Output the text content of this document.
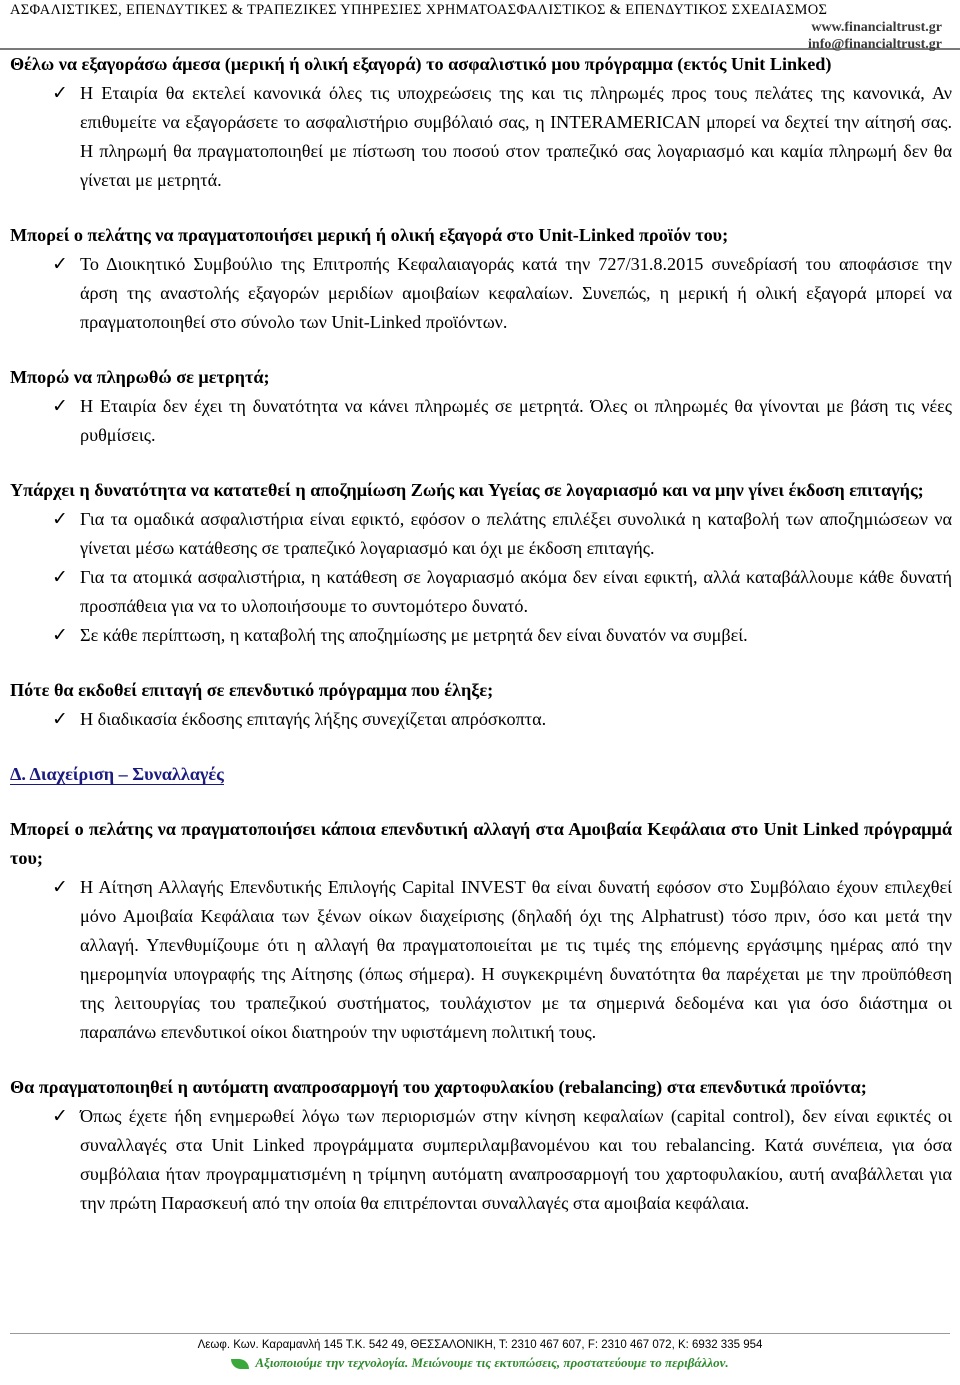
ΑΣΦΑΛΙΣΤΙΚΕΣ, ΕΠΕΝΔΥΤΙΚΕΣ & ΤΡΑΠΕΖΙΚΕΣ ΥΠΗΡΕΣΙΕΣ ΧΡΗΜΑΤΟΑΣΦΑΛΙΣΤΙΚΟΣ & ΕΠΕΝΔΥΤΙΚΟΣ ΣΧΕΔΙΑΣΜΟΣ
www.financialtrust.gr
info@financialtrust.gr

Θέλω να εξαγοράσω άμεσα (μερική ή ολική εξαγορά) το ασφαλιστικό μου πρόγραμμα (εκτός Unit Linked)

✓ Η Εταιρία θα εκτελεί κανονικά όλες τις υποχρεώσεις της και τις πληρωμές προς τους πελάτες της κανονικά, Αν επιθυμείτε να εξαγοράσετε το ασφαλιστήριο συμβόλαιό σας, η INTERAMERICAN μπορεί να δεχτεί την αίτησή σας. Η πληρωμή θα πραγματοποιηθεί με πίστωση του ποσού στον τραπεζικό σας λογαριασμό και καμία πληρωμή δεν θα γίνεται με μετρητά.

Μπορεί ο πελάτης να πραγματοποιήσει μερική ή ολική εξαγορά στο Unit-Linked προϊόν του;

✓ Το Διοικητικό Συμβούλιο της Επιτροπής Κεφαλαιαγοράς κατά την 727/31.8.2015 συνεδρίασή του αποφάσισε την άρση της αναστολής εξαγορών μεριδίων αμοιβαίων κεφαλαίων. Συνεπώς, η μερική ή ολική εξαγορά μπορεί να πραγματοποιηθεί στο σύνολο των Unit-Linked προϊόντων.

Μπορώ να πληρωθώ σε μετρητά;

✓ Η Εταιρία δεν έχει τη δυνατότητα να κάνει πληρωμές σε μετρητά. Όλες οι πληρωμές θα γίνονται με βάση τις νέες ρυθμίσεις.

Υπάρχει η δυνατότητα να κατατεθεί η αποζημίωση Ζωής και Υγείας σε λογαριασμό και να μην γίνει έκδοση επιταγής;

✓ Για τα ομαδικά ασφαλιστήρια είναι εφικτό, εφόσον ο πελάτης επιλέξει συνολικά η καταβολή των αποζημιώσεων να γίνεται μέσω κατάθεσης σε τραπεζικό λογαριασμό και όχι με έκδοση επιταγής.

✓ Για τα ατομικά ασφαλιστήρια, η κατάθεση σε λογαριασμό ακόμα δεν είναι εφικτή, αλλά καταβάλλουμε κάθε δυνατή προσπάθεια για να το υλοποιήσουμε το συντομότερο δυνατό.

✓ Σε κάθε περίπτωση, η καταβολή της αποζημίωσης με μετρητά δεν είναι δυνατόν να συμβεί.

Πότε θα εκδοθεί επιταγή σε επενδυτικό πρόγραμμα που έληξε;

✓ Η διαδικασία έκδοσης επιταγής λήξης συνεχίζεται απρόσκοπτα.

Δ. Διαχείριση – Συναλλαγές

Μπορεί ο πελάτης να πραγματοποιήσει κάποια επενδυτική αλλαγή στα Αμοιβαία Κεφάλαια στο Unit Linked πρόγραμμά του;

✓ Η Αίτηση Αλλαγής Επενδυτικής Επιλογής Capital INVEST θα είναι δυνατή εφόσον στο Συμβόλαιο έχουν επιλεχθεί μόνο Αμοιβαία Κεφάλαια των ξένων οίκων διαχείρισης (δηλαδή όχι της Alphatrust) τόσο πριν, όσο και μετά την αλλαγή. Υπενθυμίζουμε ότι η αλλαγή θα πραγματοποιείται με τις τιμές της επόμενης εργάσιμης ημέρας από την ημερομηνία υπογραφής της Αίτησης (όπως σήμερα). Η συγκεκριμένη δυνατότητα θα παρέχεται με την προϋπόθεση της λειτουργίας του τραπεζικού συστήματος, τουλάχιστον με τα σημερινά δεδομένα και για όσο διάστημα οι παραπάνω επενδυτικοί οίκοι διατηρούν την υφιστάμενη πολιτική τους.

Θα πραγματοποιηθεί η αυτόματη αναπροσαρμογή του χαρτοφυλακίου (rebalancing) στα επενδυτικά προϊόντα;

✓ Όπως έχετε ήδη ενημερωθεί λόγω των περιορισμών στην κίνηση κεφαλαίων (capital control), δεν είναι εφικτές οι συναλλαγές στα Unit Linked προγράμματα συμπεριλαμβανομένου και του rebalancing. Κατά συνέπεια, για όσα συμβόλαια ήταν προγραμματισμένη η τρίμηνη αυτόματη αναπροσαρμογή του χαρτοφυλακίου, αυτή αναβάλλεται για την πρώτη Παρασκευή από την οποία θα επιτρέπονται συναλλαγές στα αμοιβαία κεφάλαια.

Λεωφ. Κων. Καραμανλή 145 Τ.Κ. 542 49, ΘΕΣΣΑΛΟΝΙΚΗ, Τ: 2310 467 607, F: 2310 467 072, K: 6932 335 954
Αξιοποιούμε την τεχνολογία. Μειώνουμε τις εκτυπώσεις, προστατεύουμε το περιβάλλον.
